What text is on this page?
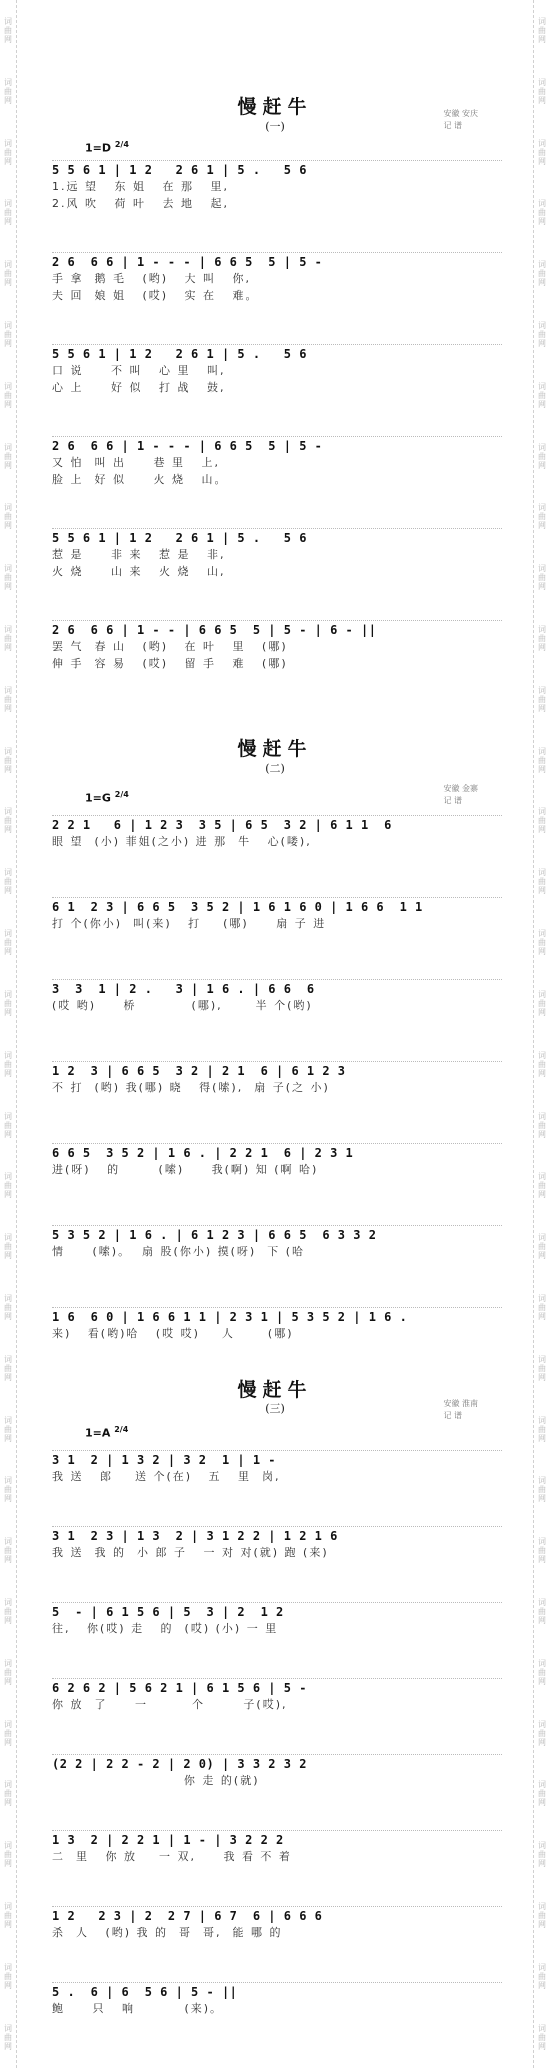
词曲网
词曲网
词曲网
词曲网
词曲网
词曲网
词曲网
词曲网
词曲网
词曲网
词曲网
词曲网
词曲网
词曲网
词曲网
词曲网
词曲网
词曲网
词曲网
词曲网
词曲网
词曲网
词曲网
词曲网
词曲网
词曲网
词曲网
词曲网
词曲网
词曲网
词曲网
词曲网
词曲网
词曲网
词曲网
词曲网
词曲网
词曲网
词曲网
词曲网
词曲网
词曲网
词曲网
词曲网
词曲网
词曲网
词曲网
词曲网
词曲网
词曲网
词曲网
词曲网
词曲网
词曲网
词曲网
词曲网
词曲网
词曲网
词曲网
词曲网
词曲网
词曲网
词曲网
词曲网
词曲网
词曲网
词曲网
词曲网
慢赶牛
(一)
安徽 安庆
记 谱
1=D $^{2/4}$
慢赶牛
(二)
安徽 金寨
记 谱
1=G $^{2/4}$
慢赶牛
(三)	安徽 淮南
记 谱
1=A $^{2/4}$
5 5 6 1 | 1 2   2 6 1 | 5 .   5 6
1.远 望   东 姐   在 那   里,
2.风 吹   荷 叶   去 地   起,
2 6  6 6 | 1 - - - | 6 6 5  5 | 5 -
手 拿  鹅 毛   (哟)   大 叫   你,
夫 回  娘 姐   (哎)   实 在   难。
5 5 6 1 | 1 2   2 6 1 | 5 .   5 6
口 说     不 叫   心 里   叫,
心 上     好 似   打 战   鼓,
2 6  6 6 | 1 - - - | 6 6 5  5 | 5 -
又 怕  叫 出     巷 里   上,
脸 上  好 似     火 烧   山。
5 5 6 1 | 1 2   2 6 1 | 5 .   5 6
惹 是     非 来   惹 是   非,
火 烧     山 来   火 烧   山,
2 6  6 6 | 1 - - | 6 6 5  5 | 5 - | 6 - ||
罢 气  春 山   (哟)   在 叶   里   (哪)
伸 手  容 易   (哎)   留 手   难   (哪)
2 2 1   6 | 1 2 3  3 5 | 6 5  3 2 | 6 1 1  6
眼 望  (小) 菲姐(之小) 进 那  牛   心(喽),
6 1  2 3 | 6 6 5  3 5 2 | 1 6 1 6 0 | 1 6 6  1 1
打 个(你小)  叫(来)   打    (哪)     扇 子 进
3  3  1 | 2 .   3 | 1 6 . | 6 6  6
(哎 哟)     桥          (哪),      半 个(哟)
1 2  3 | 6 6 5  3 2 | 2 1  6 | 6 1 2 3
不 打  (哟) 我(哪) 晓   得(嗦),  扇 子(之 小)
6 6 5  3 5 2 | 1 6 . | 2 2 1  6 | 2 3 1
进(呀)   的       (嗦)     我(啊) 知 (啊 哈)
5 3 5 2 | 1 6 . | 6 1 2 3 | 6 6 5  6 3 3 2
情     (嗦)。  扇 股(你小) 摸(呀)  下 (哈
1 6  6 0 | 1 6 6 1 1 | 2 3 1 | 5 3 5 2 | 1 6 .
来)   看(哟)哈   (哎 哎)    人      (哪)
3 1  2 | 1 3 2 | 3 2  1 | 1 -
我 送   郎    送 个(在)   五   里  岗,
3 1  2 3 | 1 3  2 | 3 1 2 2 | 1 2 1 6
我 送  我 的  小 郎 子   一 对 对(就) 跑 (来)
5  - | 6 1 5 6 | 5  3 | 2  1 2
往,   你(哎) 走   的  (哎) (小) 一 里
6 2 6 2 | 5 6 2 1 | 6 1 5 6 | 5 -
你 放  了     一        个       子(哎),
(2 2 | 2 2 - 2 | 2 0) | 3 3 2 3 2
你 走 的(就)
1 3  2 | 2 2 1 | 1 - | 3 2 2 2
二  里   你 放    一 双,     我 看 不 着
1 2   2 3 | 2  2 7 | 6 7  6 | 6 6 6
杀  人   (哟) 我 的  哥  哥,  能 哪 的
5 .  6 | 6  5 6 | 5 - ||
鲍     只   响         (来)。
